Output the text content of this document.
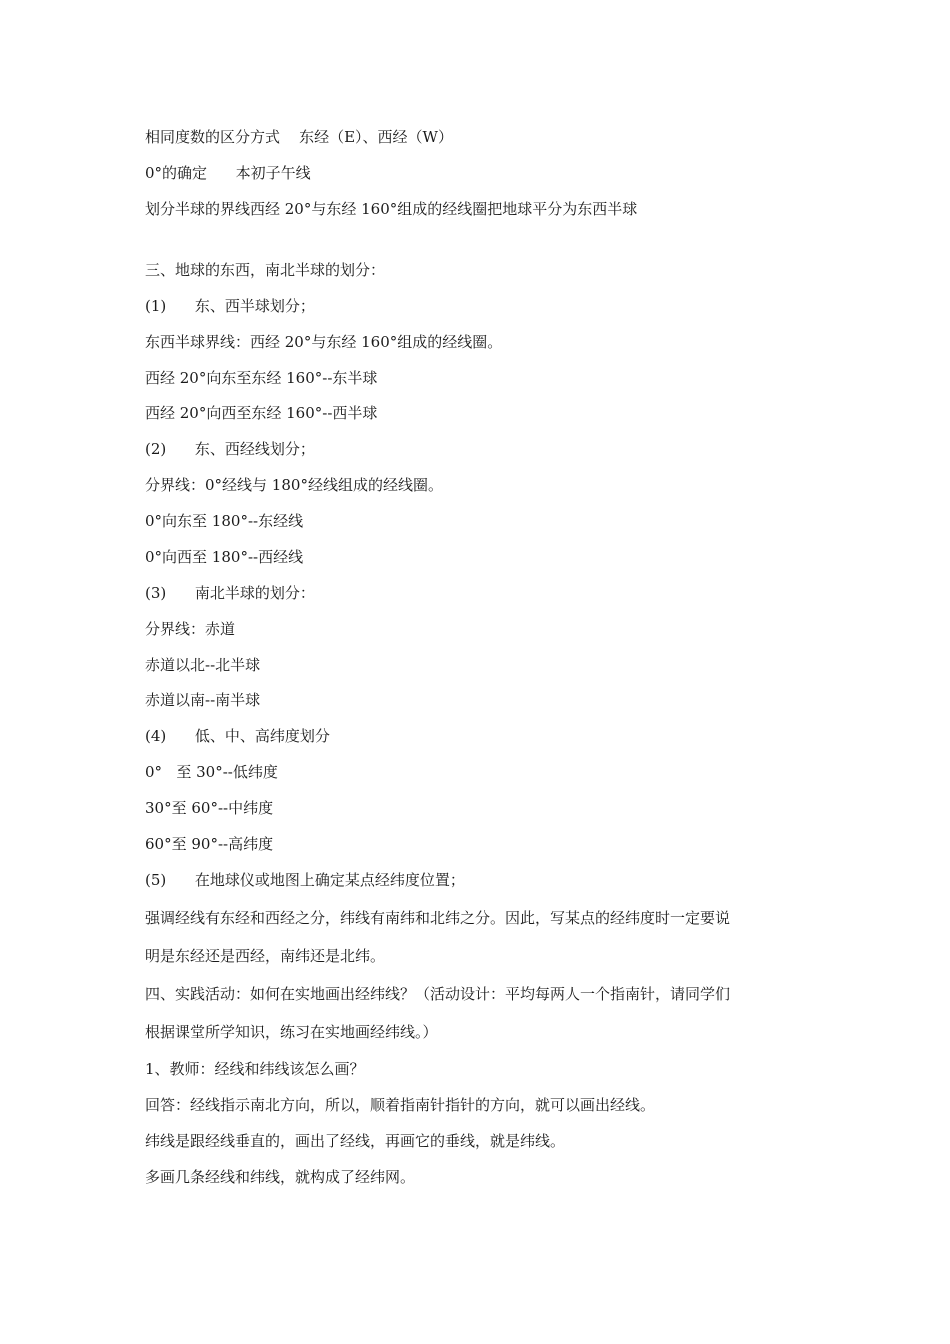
相同度数的区分方式    东经（E）、西经（W）
0°的确定      本初子午线
划分半球的界线西经 20°与东经 160°组成的经线圈把地球平分为东西半球
三、地球的东西，南北半球的划分：
(1)      东、西半球划分；
东西半球界线：西经 20°与东经 160°组成的经线圈。
西经 20°向东至东经 160°--东半球
西经 20°向西至东经 160°--西半球
(2)      东、西经线划分；
分界线：0°经线与 180°经线组成的经线圈。
0°向东至 180°--东经线
0°向西至 180°--西经线
(3)      南北半球的划分：
分界线：赤道
赤道以北--北半球
赤道以南--南半球
(4)      低、中、高纬度划分
0°   至 30°--低纬度
30°至 60°--中纬度
60°至 90°--高纬度
(5)      在地球仪或地图上确定某点经纬度位置；
强调经线有东经和西经之分，纬线有南纬和北纬之分。因此，写某点的经纬度时一定要说
明是东经还是西经，南纬还是北纬。
四、实践活动：如何在实地画出经纬线？（活动设计：平均每两人一个指南针，请同学们
根据课堂所学知识，练习在实地画经纬线。）
1、教师：经线和纬线该怎么画？
回答：经线指示南北方向，所以，顺着指南针指针的方向，就可以画出经线。
纬线是跟经线垂直的，画出了经线，再画它的垂线，就是纬线。
多画几条经线和纬线，就构成了经纬网。
